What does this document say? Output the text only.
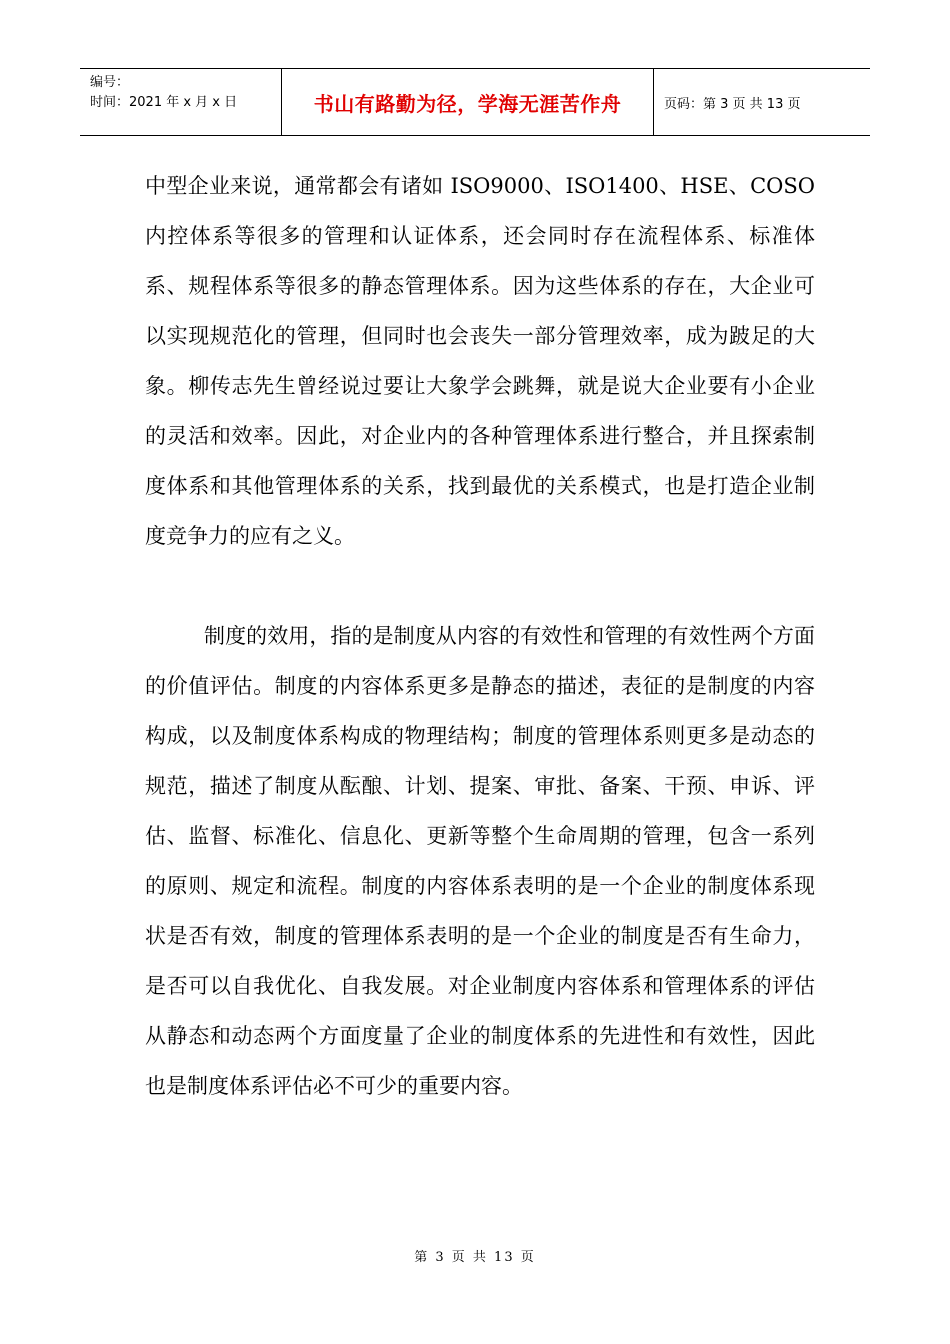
编号：
时间：2021 年 x 月 x 日	书山有路勤为径，学海无涯苦作舟	页码：第 3 页 共 13 页

中型企业来说，通常都会有诸如 ISO9000、ISO1400、HSE、COSO 内控体系等很多的管理和认证体系，还会同时存在流程体系、标准体系、规程体系等很多的静态管理体系。因为这些体系的存在，大企业可以实现规范化的管理，但同时也会丧失一部分管理效率，成为跛足的大象。柳传志先生曾经说过要让大象学会跳舞，就是说大企业要有小企业的灵活和效率。因此，对企业内的各种管理体系进行整合，并且探索制度体系和其他管理体系的关系，找到最优的关系模式，也是打造企业制度竞争力的应有之义。

制度的效用，指的是制度从内容的有效性和管理的有效性两个方面的价值评估。制度的内容体系更多是静态的描述，表征的是制度的内容构成，以及制度体系构成的物理结构；制度的管理体系则更多是动态的规范，描述了制度从酝酿、计划、提案、审批、备案、干预、申诉、评估、监督、标准化、信息化、更新等整个生命周期的管理，包含一系列的原则、规定和流程。制度的内容体系表明的是一个企业的制度体系现状是否有效，制度的管理体系表明的是一个企业的制度是否有生命力，是否可以自我优化、自我发展。对企业制度内容体系和管理体系的评估从静态和动态两个方面度量了企业的制度体系的先进性和有效性，因此也是制度体系评估必不可少的重要内容。

第 3 页 共 13 页
